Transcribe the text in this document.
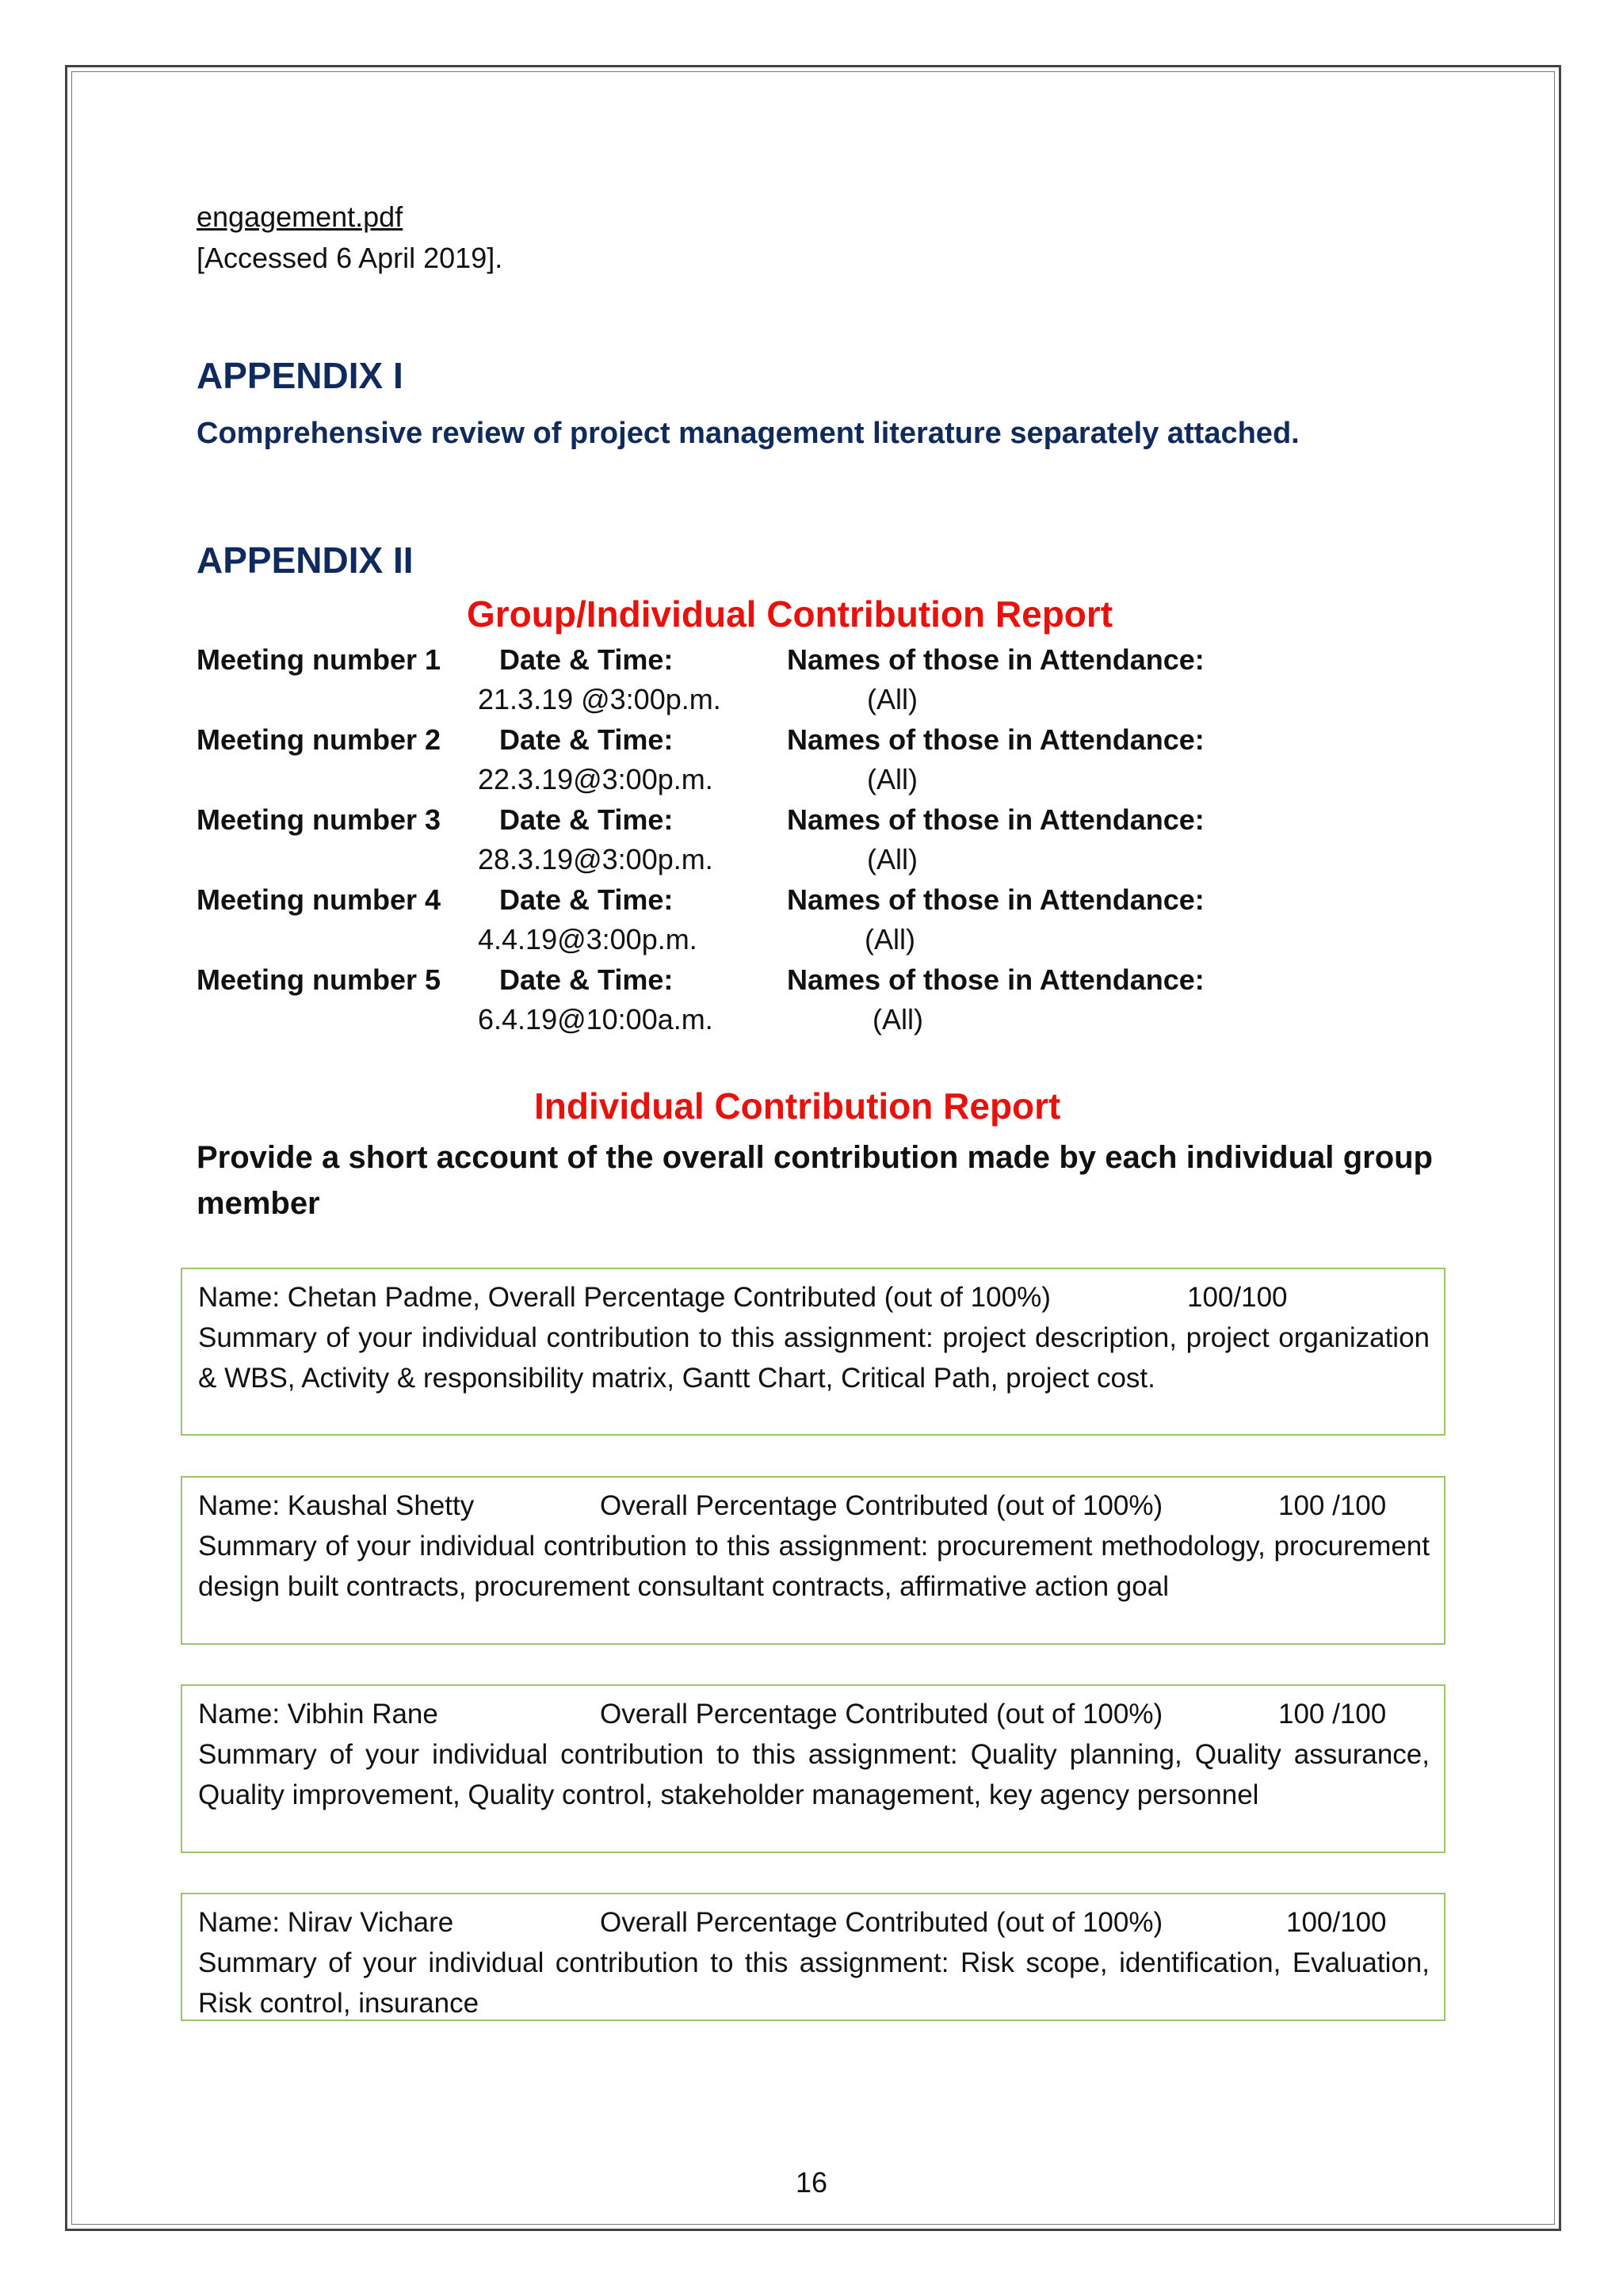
engagement.pdf
[Accessed 6 April 2019].
APPENDIX I
Comprehensive review of project management literature separately attached.
APPENDIX II
Group/Individual Contribution Report
Meeting number 1 Date & Time:	Names of those in Attendance:
21.3.19 @3:00p.m.	(All)
Meeting number 2 Date & Time:	Names of those in Attendance:
22.3.19@3:00p.m.	(All)
Meeting number 3 Date & Time:	Names of those in Attendance:
28.3.19@3:00p.m.	(All)
Meeting number 4 Date & Time:	Names of those in Attendance:
4.4.19@3:00p.m.	(All)
Meeting number 5 Date & Time:	Names of those in Attendance:
6.4.19@10:00a.m.	(All)
Individual Contribution Report
Provide a short account of the overall contribution made by each individual group member
Name: Chetan Padme, Overall Percentage Contributed (out of 100%)	100/100
Summary of your individual contribution to this assignment: project description, project organization & WBS, Activity & responsibility matrix, Gantt Chart, Critical Path, project cost.
Name: Kaushal Shetty	Overall Percentage Contributed (out of 100%)	100 /100
Summary of your individual contribution to this assignment: procurement methodology, procurement design built contracts, procurement consultant contracts, affirmative action goal
Name: Vibhin Rane	Overall Percentage Contributed (out of 100%)	100 /100
Summary of your individual contribution to this assignment: Quality planning, Quality assurance, Quality improvement, Quality control, stakeholder management, key agency personnel
Name: Nirav Vichare	Overall Percentage Contributed (out of 100%)	100/100
Summary of your individual contribution to this assignment: Risk scope, identification, Evaluation, Risk control, insurance
16
